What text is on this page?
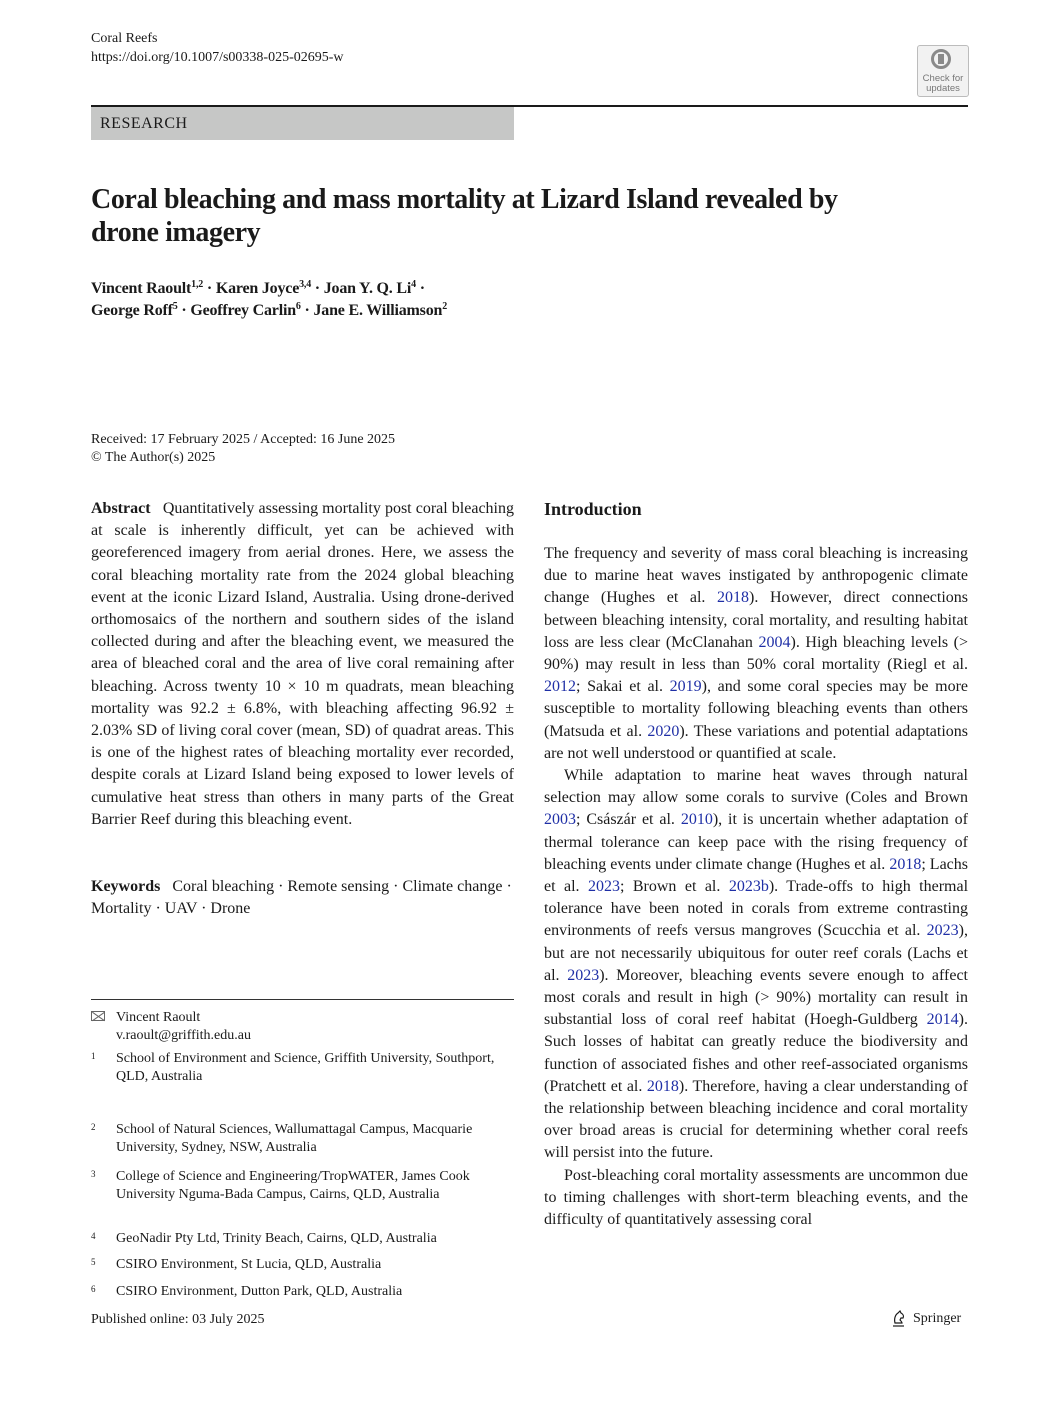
Coral Reefs
https://doi.org/10.1007/s00338-025-02695-w
Check for
updates
RESEARCH
Coral bleaching and mass mortality at Lizard Island revealed by drone imagery
Vincent Raoult$^{1,2}$ · Karen Joyce$^{3,4}$ · Joan Y. Q. $Li^4$ ·
George Roff$^5$ · Geoffrey Carlin$^6$ · Jane E. Williamson$^2$
Received: 17 February 2025 / Accepted: 16 June 2025
© The Author(s) 2025
Abstract Quantitatively assessing mortality post coral bleaching at scale is inherently difficult, yet can be achieved with georeferenced imagery from aerial drones. Here, we assess the coral bleaching mortality rate from the 2024 global bleaching event at the iconic Lizard Island, Australia. Using drone-derived orthomosaics of the northern and southern sides of the island collected during and after the bleaching event, we measured the area of bleached coral and the area of live coral remaining after bleaching. Across twenty 10 × 10 m quadrats, mean bleaching mortality was 92.2 ± 6.8%, with bleaching affecting 96.92 ± 2.03% SD of living coral cover (mean, SD) of quadrat areas. This is one of the highest rates of bleaching mortality ever recorded, despite corals at Lizard Island being exposed to lower levels of cumulative heat stress than others in many parts of the Great Barrier Reef during this bleaching event.
Keywords Coral bleaching · Remote sensing · Climate change · Mortality · UAV · Drone
Vincent Raoult
v.raoult@griffith.edu.au
1 School of Environment and Science, Griffith University, Southport, QLD, Australia
2 School of Natural Sciences, Wallumattagal Campus, Macquarie University, Sydney, NSW, Australia
3 College of Science and Engineering/TropWATER, James Cook University Nguma-Bada Campus, Cairns, QLD, Australia
4 GeoNadir Pty Ltd, Trinity Beach, Cairns, QLD, Australia
5 CSIRO Environment, St Lucia, QLD, Australia
6 CSIRO Environment, Dutton Park, QLD, Australia
Introduction

The frequency and severity of mass coral bleaching is increasing due to marine heat waves instigated by anthropogenic climate change (Hughes et al. 2018). However, direct connections between bleaching intensity, coral mortality, and resulting habitat loss are less clear (McClanahan 2004). High bleaching levels (> 90%) may result in less than 50% coral mortality (Riegl et al. 2012; Sakai et al. 2019), and some coral species may be more susceptible to mortality following bleaching events than others (Matsuda et al. 2020). These variations and potential adaptations are not well understood or quantified at scale.

While adaptation to marine heat waves through natural selection may allow some corals to survive (Coles and Brown 2003; Császár et al. 2010), it is uncertain whether adaptation of thermal tolerance can keep pace with the rising frequency of bleaching events under climate change (Hughes et al. 2018; Lachs et al. 2023; Brown et al. 2023b). Trade-offs to high thermal tolerance have been noted in corals from extreme contrasting environments of reefs versus mangroves (Scucchia et al. 2023), but are not necessarily ubiquitous for outer reef corals (Lachs et al. 2023). Moreover, bleaching events severe enough to affect most corals and result in high (> 90%) mortality can result in substantial loss of coral reef habitat (Hoegh-Guldberg 2014). Such losses of habitat can greatly reduce the biodiversity and function of associated fishes and other reef-associated organisms (Pratchett et al. 2018). Therefore, having a clear understanding of the relationship between bleaching incidence and coral mortality over broad areas is crucial for determining whether coral reefs will persist into the future.

Post-bleaching coral mortality assessments are uncommon due to timing challenges with short-term bleaching events, and the difficulty of quantitatively assessing coral

Published online: 03 July 2025	Springer
